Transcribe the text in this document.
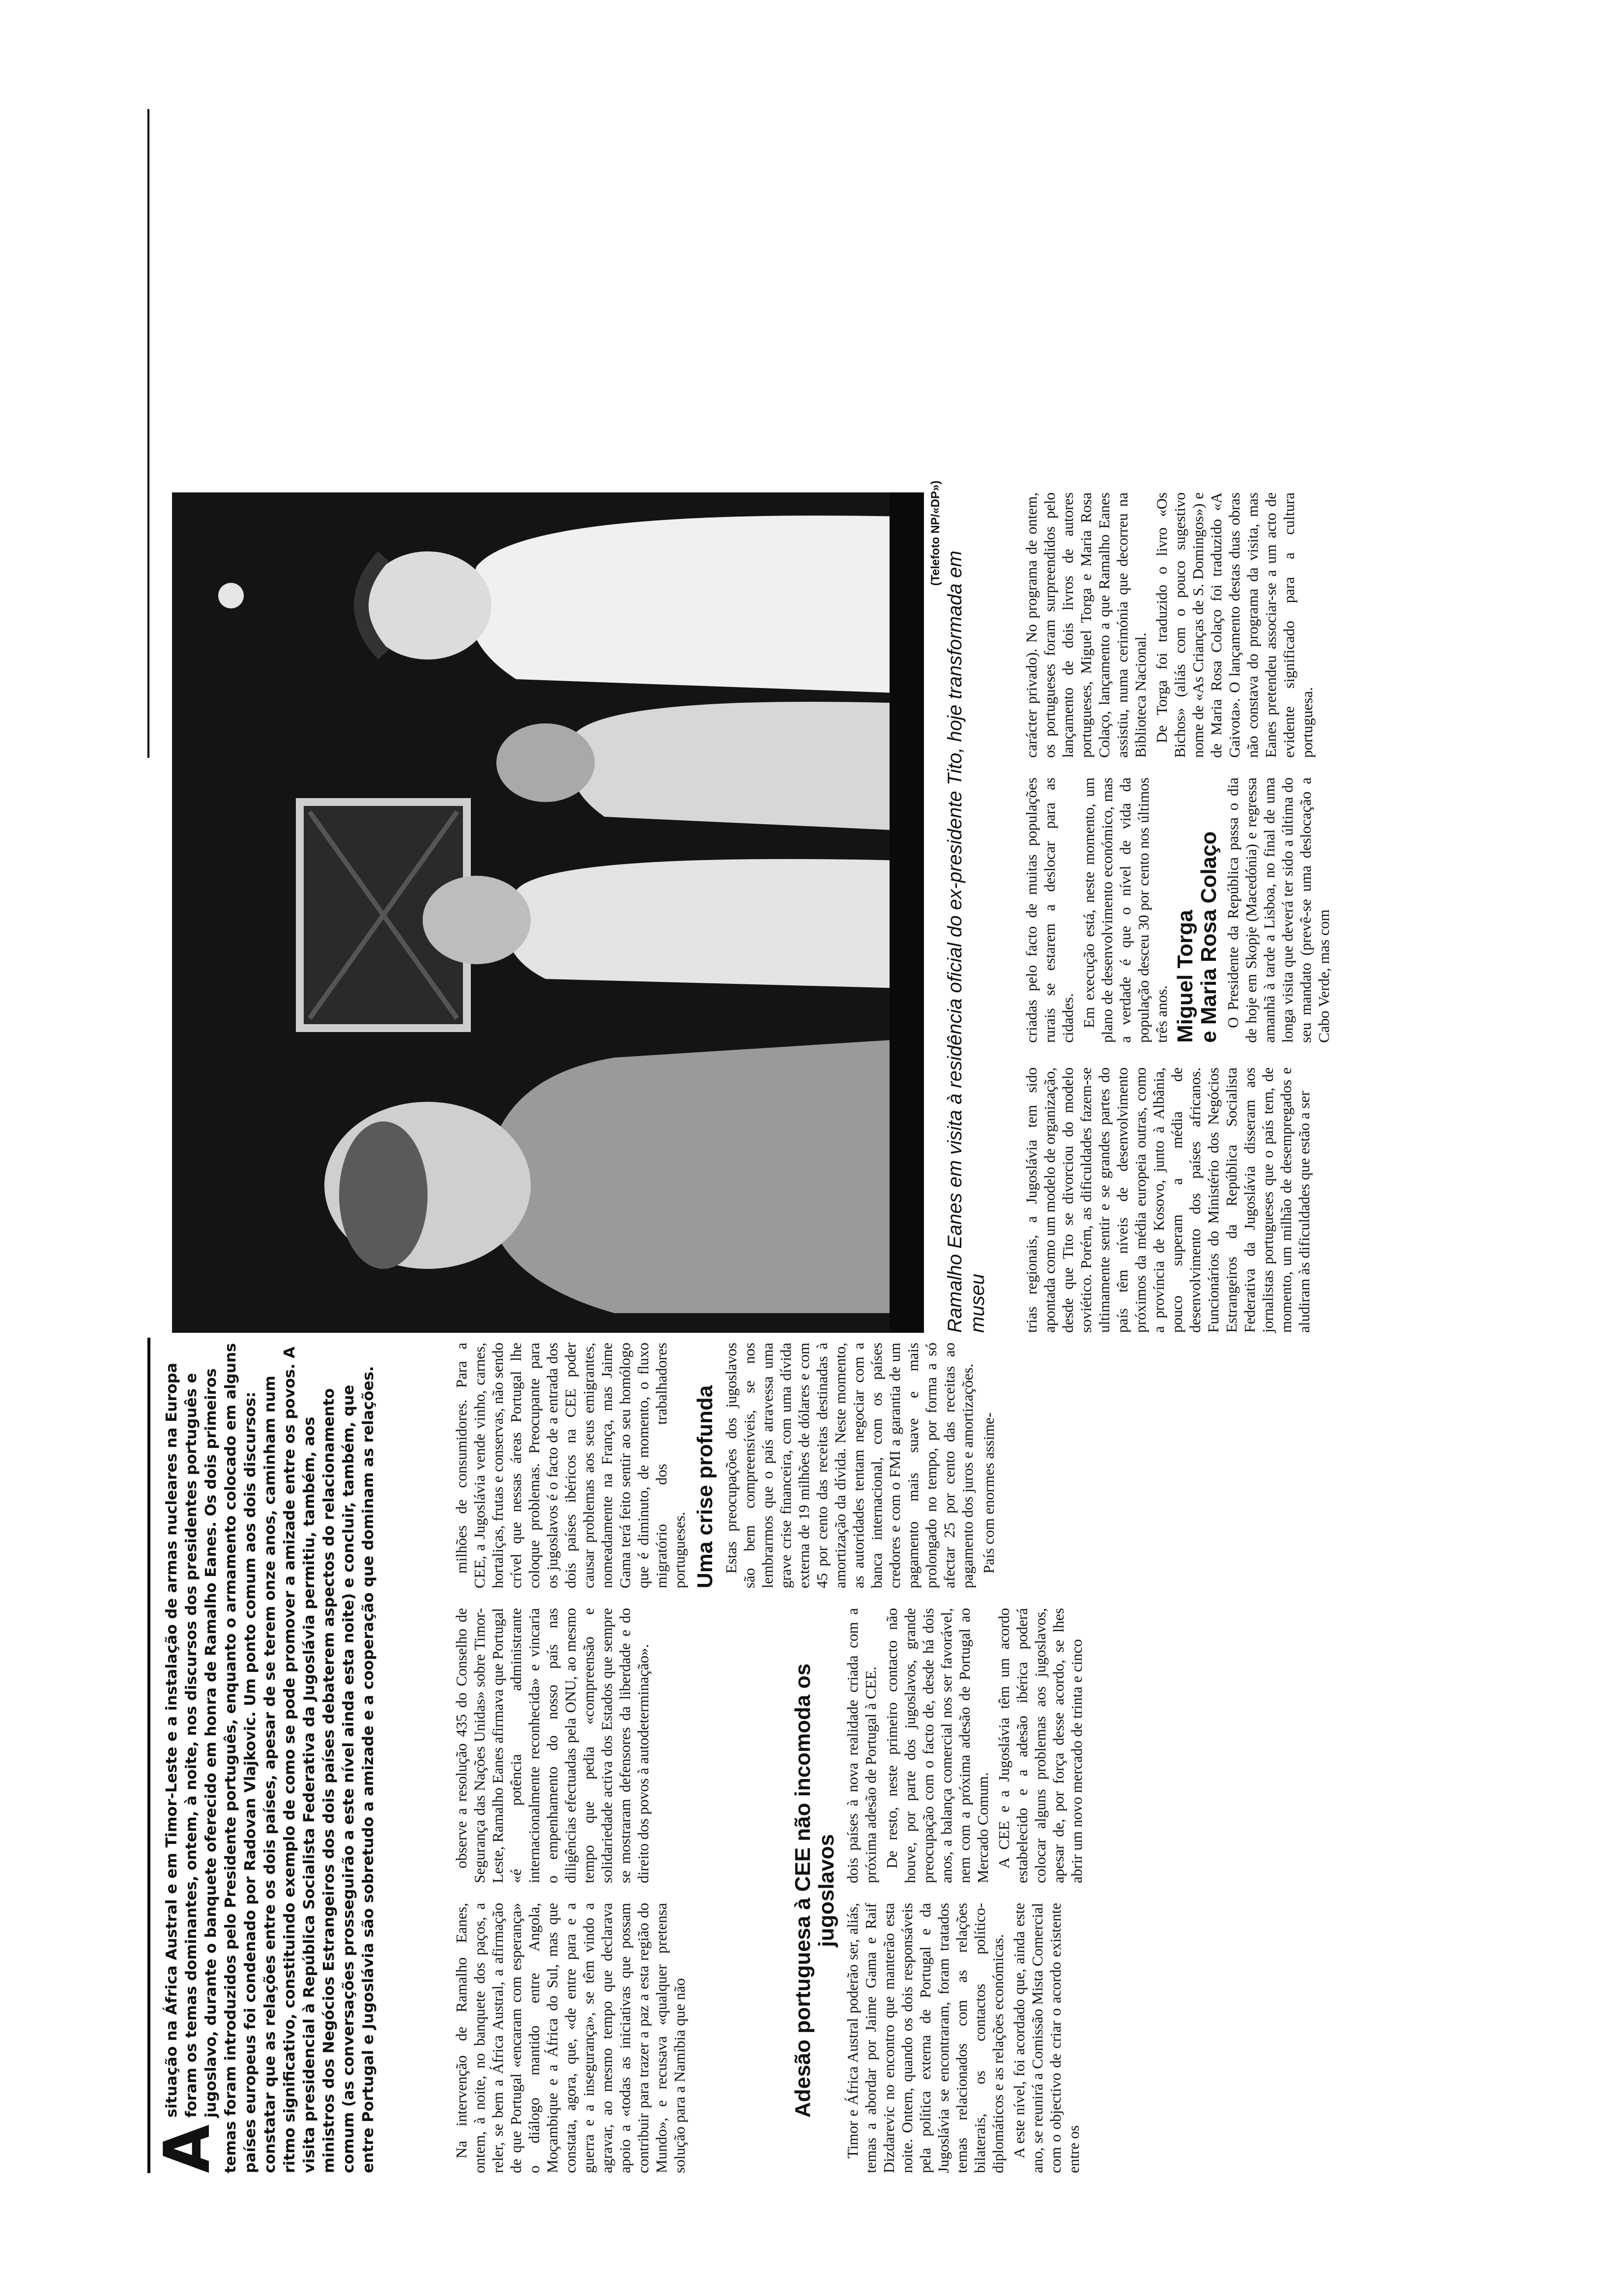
A
situação na África Austral e em Timor-Leste e a instalação de armas nucleares na Europa foram os temas dominantes, ontem, à noite, nos discursos dos presidentes português e jugoslavo, durante o banquete oferecido em honra de Ramalho Eanes. Os dois primeiros temas foram introduzidos pelo Presidente português, enquanto o armamento colocado em alguns países europeus foi condenado por Radovan Vlajkovic. Um ponto comum aos dois discursos: constatar que as relações entre os dois países, apesar de se terem onze anos, caminham num ritmo significativo, constituindo exemplo de como se pode promover a amizade entre os povos. A visita presidencial à República Socialista Federativa da Jugoslávia permitiu, também, aos ministros dos Negócios Estrangeiros dos dois países debaterem aspectos do relacionamento comum (as conversações prosseguirão a este nível ainda esta noite) e concluir, também, que entre Portugal e Jugoslávia são sobretudo a amizade e a cooperação que dominam as relações.	Na intervenção de Ramalho Eanes, ontem, à noite, no banquete dos paços, a reler, se bem a África Austral, a afirmação de que Portugal «encaram com esperança» o diálogo mantido entre Angola, Moçambique e a África do Sul, mas que constata, agora, que, «de entre para e a guerra e a insegurança», se têm vindo a agravar, ao mesmo tempo que declarava apoio a «todas as iniciativas que possam contribuir para trazer a paz a esta região do Mundo», e recusava «qualquer pretensa solução para a Namíbia que não

observe a resolução 435 do Conselho de Segurança das Nações Unidas» sobre Timor-Leste, Ramalho Eanes afirmava que Portugal «é potência administrante internacionalmente reconhecida» e vincaria o empenhamento do nosso país nas diligências efectuadas pela ONU, ao mesmo tempo que pedia «compreensão e solidariedade activa dos Estados que sempre se mostraram defensores da liberdade e do direito dos povos à autodeterminação».

milhões de consumidores. Para a CEE, a Jugoslávia vende vinho, carnes, hortaliças, frutas e conservas, não sendo crível que nessas áreas Portugal lhe coloque problemas. Preocupante para os jugoslavos é o facto de a entrada dos dois países ibéricos na CEE poder causar problemas aos seus emigrantes, nomeadamente na França, mas Jaime Gama terá feito sentir ao seu homólogo que é diminuto, de momento, o fluxo migratório dos trabalhadores portugueses. Uma crise profunda Estas preocupações dos jugoslavos são bem compreensíveis, se nos lembrarmos que o país atravessa uma grave crise financeira, com uma dívida externa de 19 milhões de dólares e com 45 por cento das receitas destinadas à amortização da dívida. Neste momento, as autoridades tentam negociar com a banca internacional, com os países credores e com o FMI a garantia de um pagamento mais suave e mais prolongado no tempo, por forma a só afectar 25 por cento das receitas ao pagamento dos juros e amortizações. País com enormes assime-

Adesão portuguesa à CEE não incomoda os jugoslavos

Timor e África Austral poderão ser, aliás, temas a abordar por Jaime Gama e Raif Dizdarevic no encontro que manterão esta noite. Ontem, quando os dois responsáveis pela política externa de Portugal e da Jugoslávia se encontraram, foram tratados temas relacionados com as relações bilaterais, os contactos político-diplomáticos e as relações económicas. A este nível, foi acordado que, ainda este ano, se reunirá a Comissão Mista Comercial com o objectivo de criar o acordo existente entre os

dois países à nova realidade criada com a próxima adesão de Portugal à CEE. De resto, neste primeiro contacto não houve, por parte dos jugoslavos, grande preocupação com o facto de, desde há dois anos, a balança comercial nos ser favorável, nem com a próxima adesão de Portugal ao Mercado Comum. A CEE e a Jugoslávia têm um acordo estabelecido e a adesão ibérica poderá colocar alguns problemas aos jugoslavos, apesar de, por força desse acordo, se lhes abrir um novo mercado de trinta e cinco

(Telefoto NP/«DP»)
Ramalho Eanes em visita à residência oficial do ex-presidente Tito, hoje transformada em museu trias regionais, a Jugoslávia tem sido apontada como um modelo de organização, desde que Tito se divorciou do modelo soviético. Porém, as dificuldades fazem-se ultimamente sentir e se grandes partes do país têm níveis de desenvolvimento próximos da média europeia outras, como a província de Kosovo, junto à Albânia, pouco superam a média de desenvolvimento dos países africanos. Funcionários do Ministério dos Negócios Estrangeiros da República Socialista Federativa da Jugoslávia disseram aos jornalistas portugueses que o país tem, de momento, um milhão de desempregados e aludiram às dificuldades que estão a ser

criadas pelo facto de muitas populações rurais se estarem a deslocar para as cidades. Em execução está, neste momento, um plano de desenvolvimento económico, mas a verdade é que o nível de vida da população desceu 30 por cento nos últimos três anos. Miguel Torga e Maria Rosa Colaço O Presidente da República passa o dia de hoje em Skopje (Macedónia) e regressa amanhã à tarde a Lisboa, no final de uma longa visita que deverá ter sido a última do seu mandato (prevê-se uma deslocação a Cabo Verde, mas com

carácter privado). No programa de ontem, os portugueses foram surpreendidos pelo lançamento de dois livros de autores portugueses, Miguel Torga e Maria Rosa Colaço, lançamento a que Ramalho Eanes assistiu, numa cerimónia que decorreu na Biblioteca Nacional. De Torga foi traduzido o livro «Os Bichos» (aliás com o pouco sugestivo nome de «As Crianças de S. Domingos») e de Maria Rosa Colaço foi traduzido «A Gaivota». O lançamento destas duas obras não constava do programa da visita, mas Eanes pretendeu associar-se a um acto de evidente significado para a cultura portuguesa.
